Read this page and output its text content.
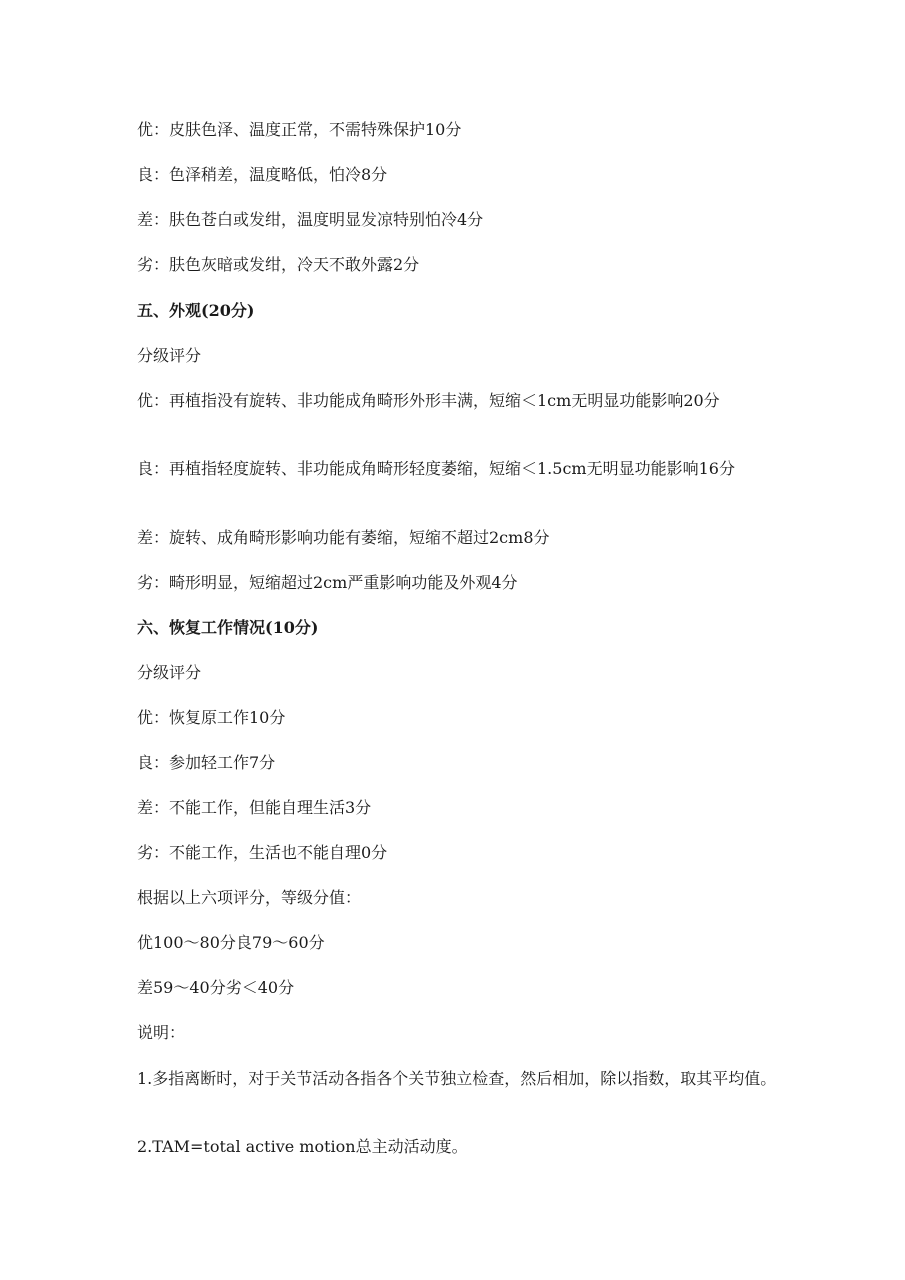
优：皮肤色泽、温度正常，不需特殊保护10分

良：色泽稍差，温度略低，怕冷8分

差：肤色苍白或发绀，温度明显发凉特别怕冷4分

劣：肤色灰暗或发绀，冷天不敢外露2分

五、外观(20分)

分级评分

优：再植指没有旋转、非功能成角畸形外形丰满，短缩＜1cm无明显功能影响20分

良：再植指轻度旋转、非功能成角畸形轻度萎缩，短缩＜1.5cm无明显功能影响16分

差：旋转、成角畸形影响功能有萎缩，短缩不超过2cm8分

劣：畸形明显，短缩超过2cm严重影响功能及外观4分

六、恢复工作情况(10分)

分级评分

优：恢复原工作10分

良：参加轻工作7分

差：不能工作，但能自理生活3分

劣：不能工作，生活也不能自理0分

根据以上六项评分，等级分值：

优100～80分良79～60分

差59～40分劣＜40分

说明：

1.多指离断时，对于关节活动各指各个关节独立检查，然后相加，除以指数，取其平均值。

2.TAM=total active motion总主动活动度。
